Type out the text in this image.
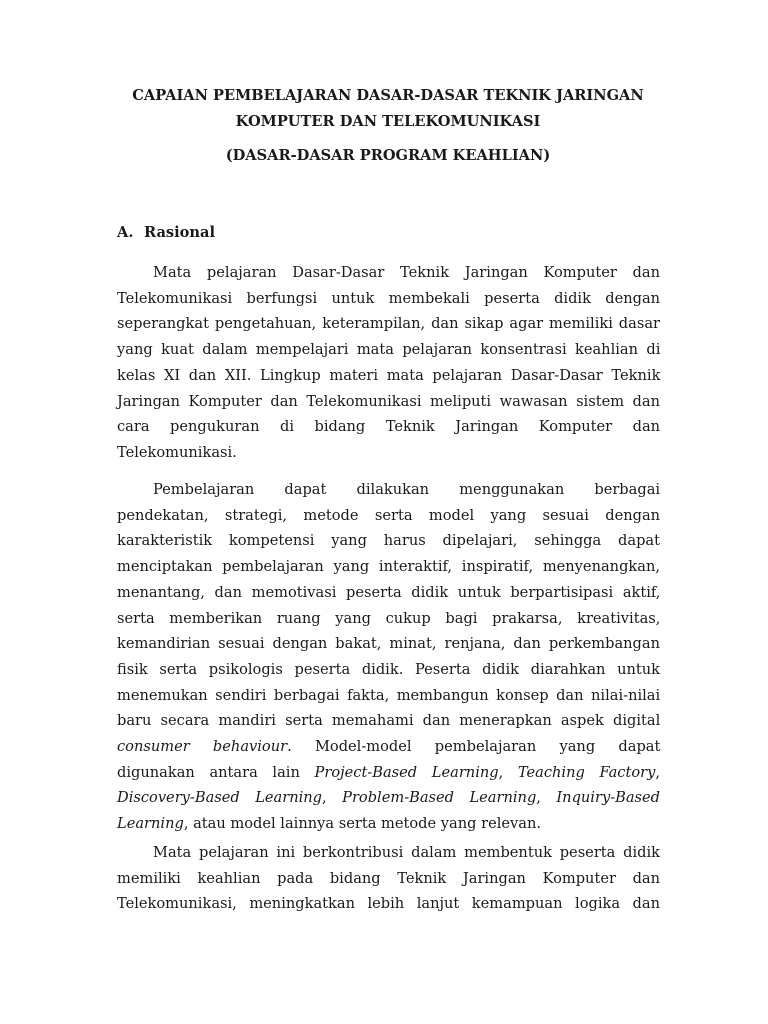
CAPAIAN PEMBELAJARAN DASAR-DASAR TEKNIK JARINGAN
KOMPUTER DAN TELEKOMUNIKASI
(DASAR-DASAR PROGRAM KEAHLIAN)
A. Rasional
Mata pelajaran Dasar-Dasar Teknik Jaringan Komputer dan
Telekomunikasi berfungsi untuk membekali peserta didik dengan
seperangkat pengetahuan, keterampilan, dan sikap agar memiliki dasar
yang kuat dalam mempelajari mata pelajaran konsentrasi keahlian di
kelas XI dan XII. Lingkup materi mata pelajaran Dasar-Dasar Teknik
Jaringan Komputer dan Telekomunikasi meliputi wawasan sistem dan
cara pengukuran di bidang Teknik Jaringan Komputer dan
Telekomunikasi.
Pembelajaran dapat dilakukan menggunakan berbagai
pendekatan, strategi, metode serta model yang sesuai dengan
karakteristik kompetensi yang harus dipelajari, sehingga dapat
menciptakan pembelajaran yang interaktif, inspiratif, menyenangkan,
menantang, dan memotivasi peserta didik untuk berpartisipasi aktif,
serta memberikan ruang yang cukup bagi prakarsa, kreativitas,
kemandirian sesuai dengan bakat, minat, renjana, dan perkembangan
fisik serta psikologis peserta didik. Peserta didik diarahkan untuk
menemukan sendiri berbagai fakta, membangun konsep dan nilai-nilai
baru secara mandiri serta memahami dan menerapkan aspek digital
consumer behaviour. Model-model pembelajaran yang dapat
digunakan antara lain Project-Based Learning, Teaching Factory,
Discovery-Based Learning, Problem-Based Learning, Inquiry-Based
Learning, atau model lainnya serta metode yang relevan.
Mata pelajaran ini berkontribusi dalam membentuk peserta didik
memiliki keahlian pada bidang Teknik Jaringan Komputer dan
Telekomunikasi, meningkatkan lebih lanjut kemampuan logika dan
